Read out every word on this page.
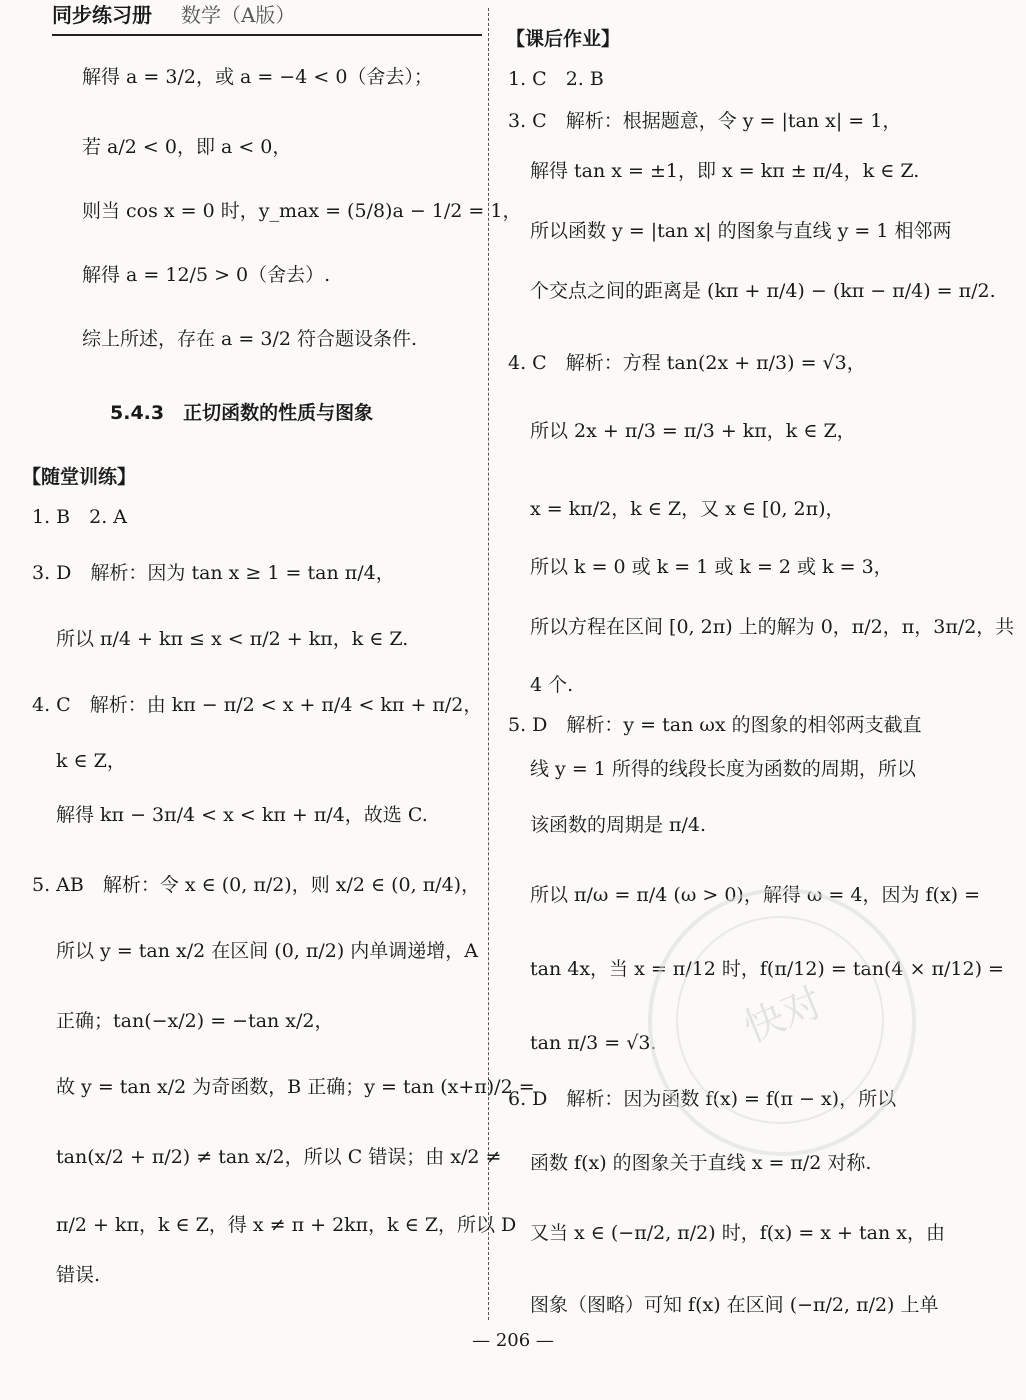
同步练习册 数学（A版）
解得 a = 3/2，或 a = −4 < 0（舍去）；
若 a/2 < 0，即 a < 0，
则当 cos x = 0 时，y_max = (5/8)a − 1/2 = 1，
解得 a = 12/5 > 0（舍去）.
综上所述，存在 a = 3/2 符合题设条件.
5.4.3　正切函数的性质与图象
【随堂训练】
1. B　2. A
3. D　解析：因为 tan x ≥ 1 = tan π/4，
所以 π/4 + kπ ≤ x < π/2 + kπ，k ∈ Z.
4. C　解析：由 kπ − π/2 < x + π/4 < kπ + π/2，
k ∈ Z，
解得 kπ − 3π/4 < x < kπ + π/4，故选 C.
5. AB　解析：令 x ∈ (0, π/2)，则 x/2 ∈ (0, π/4)，
所以 y = tan x/2 在区间 (0, π/2) 内单调递增，A
正确；tan(−x/2) = −tan x/2，
故 y = tan x/2 为奇函数，B 正确；y = tan (x+π)/2 =
tan(x/2 + π/2) ≠ tan x/2，所以 C 错误；由 x/2 ≠
π/2 + kπ，k ∈ Z，得 x ≠ π + 2kπ，k ∈ Z，所以 D
错误.
【课后作业】
1. C　2. B
3. C　解析：根据题意，令 y = |tan x| = 1，
解得 tan x = ±1，即 x = kπ ± π/4，k ∈ Z.
所以函数 y = |tan x| 的图象与直线 y = 1 相邻两
个交点之间的距离是 (kπ + π/4) − (kπ − π/4) = π/2.
4. C　解析：方程 tan(2x + π/3) = √3，
所以 2x + π/3 = π/3 + kπ，k ∈ Z，
x = kπ/2，k ∈ Z，又 x ∈ [0, 2π)，
所以 k = 0 或 k = 1 或 k = 2 或 k = 3，
所以方程在区间 [0, 2π) 上的解为 0，π/2，π，3π/2，共
4 个.
5. D　解析：y = tan ωx 的图象的相邻两支截直
线 y = 1 所得的线段长度为函数的周期，所以
该函数的周期是 π/4.
所以 π/ω = π/4 (ω > 0)，解得 ω = 4，因为 f(x) =
tan 4x，当 x = π/12 时，f(π/12) = tan(4 × π/12) =
tan π/3 = √3.
6. D　解析：因为函数 f(x) = f(π − x)，所以
函数 f(x) 的图象关于直线 x = π/2 对称.
又当 x ∈ (−π/2, π/2) 时，f(x) = x + tan x，由
图象（图略）可知 f(x) 在区间 (−π/2, π/2) 上单
快对
— 206 —
